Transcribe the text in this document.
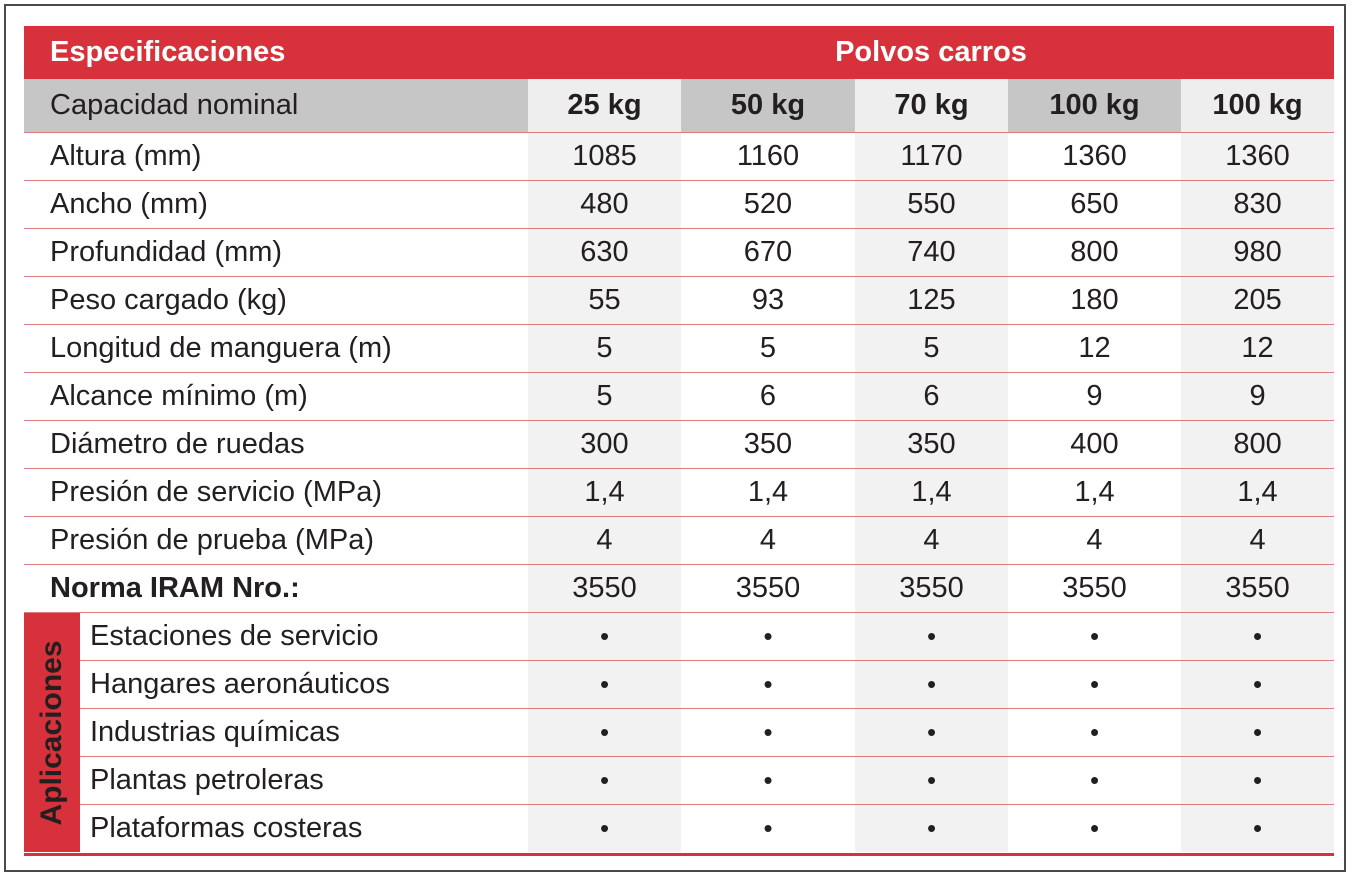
Especificaciones		Polvos carros				
Capacidad nominal		25 kg	50 kg	70 kg	100 kg	100 kg
Altura (mm)		1085	1160	1170	1360	1360
Ancho (mm)		480	520	550	650	830
Profundidad (mm)		630	670	740	800	980
Peso cargado (kg)		55	93	125	180	205
Longitud de manguera (m)		5	5	5	12	12
Alcance mínimo (m)		5	6	6	9	9
Diámetro de ruedas		300	350	350	400	800
Presión de servicio (MPa)		1,4	1,4	1,4	1,4	1,4
Presión de prueba (MPa)		4	4	4	4	4
Norma IRAM Nro.:		3550	3550	3550	3550	3550

Aplicaciones	Estaciones de servicio	•	•	•	•	•
	Hangares aeronáuticos	•	•	•	•	•
	Industrias químicas	•	•	•	•	•
	Plantas petroleras	•	•	•	•	•
	Plataformas costeras	•	•	•	•	•
